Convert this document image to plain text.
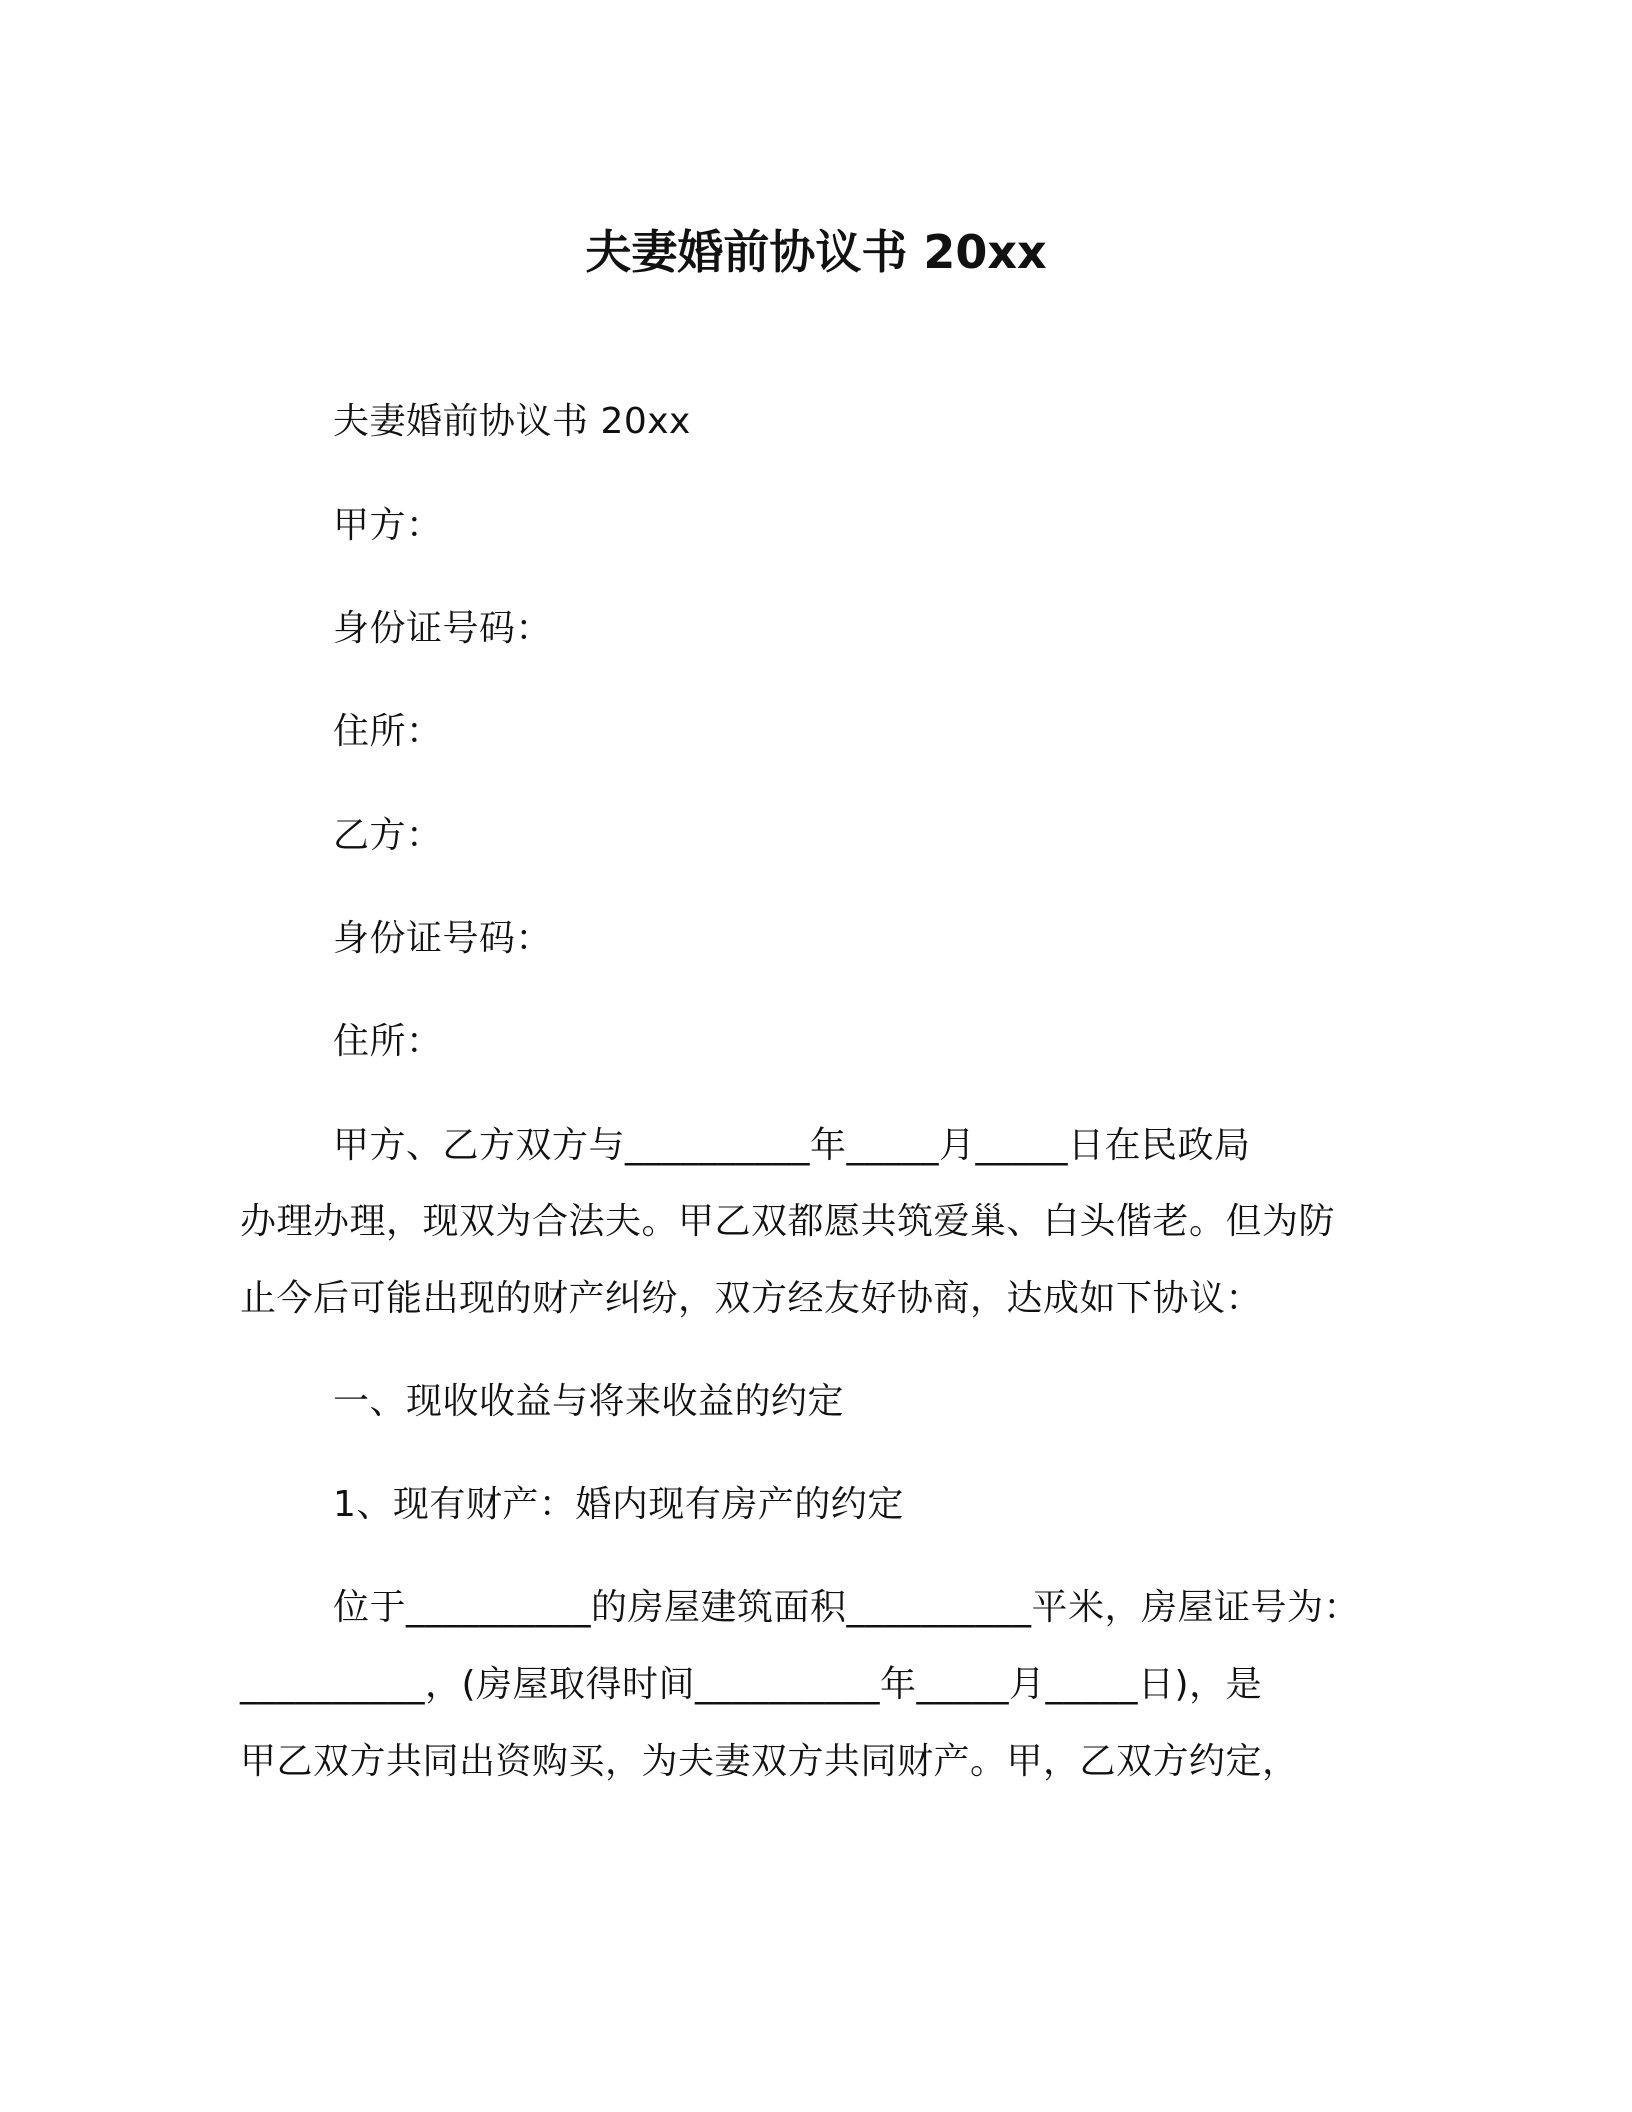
夫妻婚前协议书 20xx
夫妻婚前协议书 20xx
甲方：
身份证号码：
住所：
乙方：
身份证号码：
住所：
甲方、乙方双方与__________年_____月_____日在民政局
办理办理，现双为合法夫。甲乙双都愿共筑爱巢、白头偕老。但为防
止今后可能出现的财产纠纷，双方经友好协商，达成如下协议：
一、现收收益与将来收益的约定
1、现有财产：婚内现有房产的约定
位于__________的房屋建筑面积__________平米，房屋证号为：
__________，(房屋取得时间__________年_____月_____日)，是
甲乙双方共同出资购买，为夫妻双方共同财产。甲，乙双方约定，
